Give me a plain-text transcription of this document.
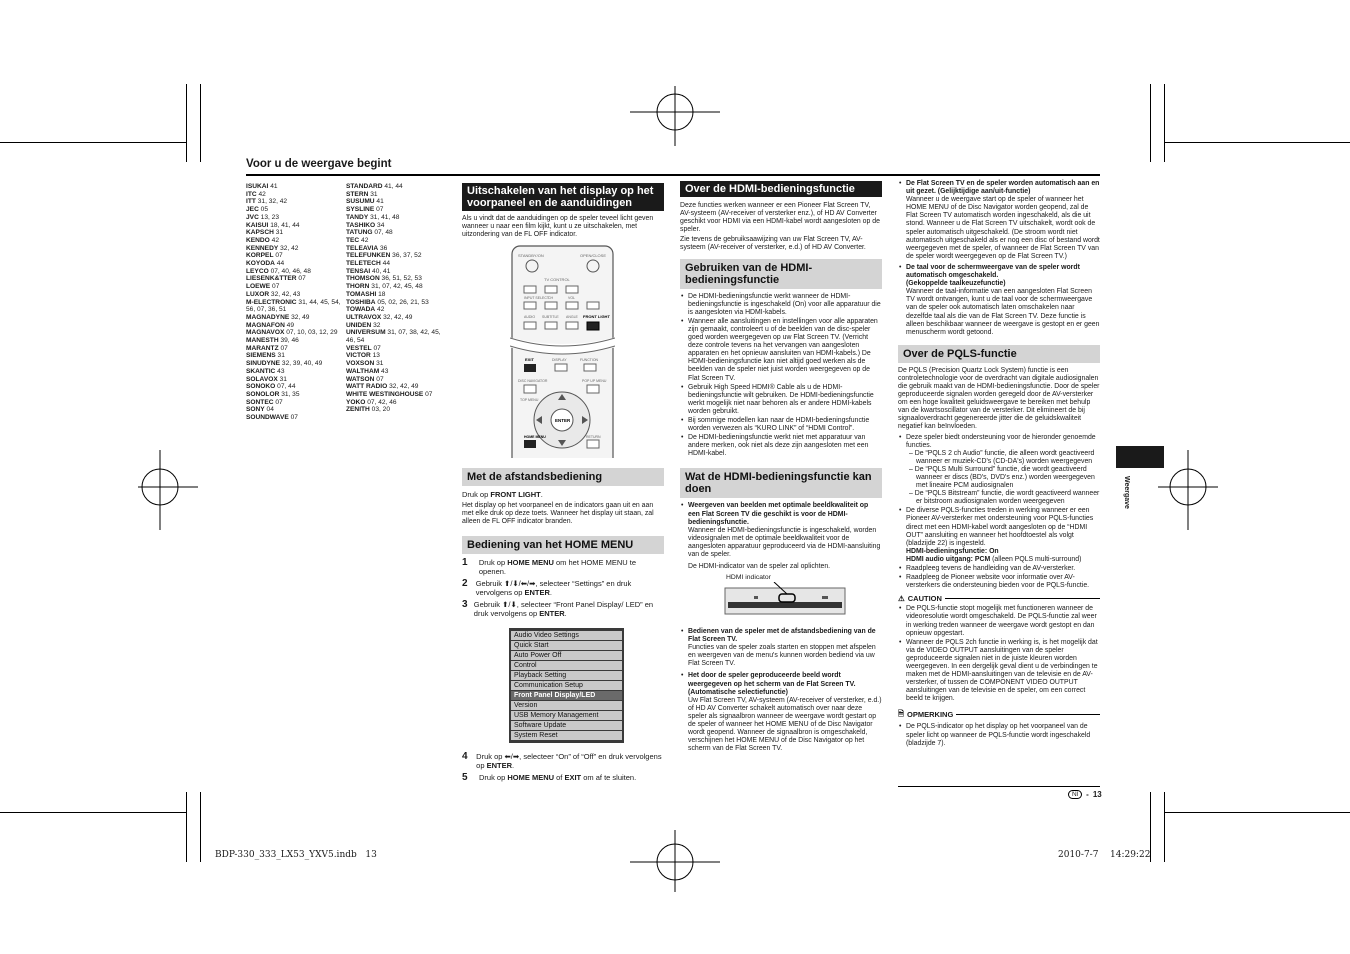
Voor u de weergave begint
ISUKAI 41
ITC 42
ITT 31, 32, 42
JEC 05
JVC 13, 23
KAISUI 18, 41, 44
KAPSCH 31
KENDO 42
KENNEDY 32, 42
KORPEL 07
KOYODA 44
LEYCO 07, 40, 46, 48
LIESENK&TTER 07
LOEWE 07
LUXOR 32, 42, 43
M-ELECTRONIC 31, 44, 45, 54, 56, 07, 36, 51
MAGNADYNE 32, 49
MAGNAFON 49
MAGNAVOX 07, 10, 03, 12, 29
MANESTH 39, 46
MARANTZ 07
SIEMENS 31
SINUDYNE 32, 39, 40, 49
SKANTIC 43
SOLAVOX 31
SONOKO 07, 44
SONOLOR 31, 35
SONTEC 07
SONY 04
SOUNDWAVE 07
STANDARD 41, 44
STERN 31
SUSUMU 41
SYSLINE 07
TANDY 31, 41, 48
TASHIKO 34
TATUNG 07, 48
TEC 42
TELEAVIA 36
TELEFUNKEN 36, 37, 52
TELETECH 44
TENSAI 40, 41
THOMSON 36, 51, 52, 53
THORN 31, 07, 42, 45, 48
TOMASHI 18
TOSHIBA 05, 02, 26, 21, 53
TOWADA 42
ULTRAVOX 32, 42, 49
UNIDEN 32
UNIVERSUM 31, 07, 38, 42, 45, 46, 54
VESTEL 07
VICTOR 13
VOXSON 31
WALTHAM 43
WATSON 07
WATT RADIO 32, 42, 49
WHITE WESTINGHOUSE 07
YOKO 07, 42, 46
ZENITH 03, 20
Uitschakelen van het display op het voorpaneel en de aanduidingen

Als u vindt dat de aanduidingen op de speler teveel licht geven wanneer u naar een film kijkt, kunt u ze uitschakelen, met uitzondering van de FL OFF indicator.

STANDBY/ON	OPEN/CLOSE
TV CONTROL
INPUT SELECT
CH	VOL
AUDIO SUBTITLE ANGLE FRONT LIGHT
EXIT	DISPLAY	FUNCTION
DISC NAVIGATOR	POP UP MENU
TOP MENU
ENTER
HOME MENU	RETURN
Met de afstandsbediening
Druk op FRONT LIGHT.

Het display op het voorpaneel en de indicators gaan uit en aan met elke druk op deze toets. Wanneer het display uit staan, zal alleen de FL OFF indicator branden.

Bediening van het HOME MENU
1	Druk op HOME MENU om het HOME MENU te openen.
2	Gebruik ⬆/⬇/⬅/➡, selecteer “Settings” en druk vervolgens op ENTER.
3 Gebruik ⬆/⬇, selecteer “Front Panel Display/ LED” en druk vervolgens op ENTER.
Audio Video Settings
Quick Start
Auto Power Off
Control
Playback Setting
Communication Setup
Front Panel Display/LED
Version
USB Memory Management
Software Update
System Reset
4	Druk op ⬅/➡, selecteer “On” of “Off” en druk vervolgens op ENTER.
5	Druk op HOME MENU of EXIT om af te sluiten.
Over de HDMI-bedieningsfunctie

Deze functies werken wanneer er een Pioneer Flat Screen TV, AV-systeem (AV-receiver of versterker enz.), of HD AV Converter geschikt voor HDMI via een HDMI-kabel wordt aangesloten op de speler.

Zie tevens de gebruiksaawijzing van uw Flat Screen TV, AV-systeem (AV-receiver of versterker, e.d.) of HD AV Converter.

Gebruiken van de HDMI-bedieningsfunctie
• De HDMI-bedieningsfunctie werkt wanneer de HDMI-bedieningsfunctie is ingeschakeld (On) voor alle apparatuur die is aangesloten via HDMI-kabels.
• Wanneer alle aansluitingen en instellingen voor alle apparaten zijn gemaakt, controleert u of de beelden van de disc-speler goed worden weergegeven op uw Flat Screen TV. (Verricht deze controle tevens na het vervangen van aangesloten apparaten en het opnieuw aansluiten van HDMI-kabels.) De HDMI-bedieningsfunctie kan niet altijd goed werken als de beelden van de speler niet juist worden weergegeven op de Flat Screen TV.
• Gebruik High Speed HDMI® Cable als u de HDMI-bedieningsfunctie wilt gebruiken. De HDMI-bedieningsfunctie werkt mogelijk niet naar behoren als er andere HDMI-kabels worden gebruikt.
• Bij sommige modellen kan naar de HDMI-bedieningsfunctie worden verwezen als “KURO LINK” of “HDMI Control”.
• De HDMI-bedieningsfunctie werkt niet met apparatuur van andere merken, ook niet als deze zijn aangesloten met een HDMI-kabel.
Wat de HDMI-bedieningsfunctie kan doen
• Weergeven van beelden met optimale beeldkwaliteit op een Flat Screen TV die geschikt is voor de HDMI-bedieningsfunctie.
Wanneer de HDMI-bedieningsfunctie is ingeschakeld, worden videosignalen met de optimale beeldkwaliteit voor de aangesloten apparatuur geproduceerd via de HDMI-aansluiting van de speler.
De HDMI-indicator van de speler zal oplichten.
HDMI indicator
• Bedienen van de speler met de afstandsbediening van de Flat Screen TV.
Functies van de speler zoals starten en stoppen met afspelen en weergeven van de menu's kunnen worden bediend via uw Flat Screen TV.
• Het door de speler geproduceerde beeld wordt weergegeven op het scherm van de Flat Screen TV. (Automatische selectiefunctie)
Uw Flat Screen TV, AV-systeem (AV-receiver of versterker, e.d.) of HD AV Converter schakelt automatisch over naar deze speler als signaalbron wanneer de weergave wordt gestart op de speler of wanneer het HOME MENU of de Disc Navigator wordt geopend. Wanneer de signaalbron is omgeschakeld, verschijnen het HOME MENU of de Disc Navigator op het scherm van de Flat Screen TV.
• De Flat Screen TV en de speler worden automatisch aan en uit gezet. (Gelijktijdige aan/uit-functie)
Wanneer u de weergave start op de speler of wanneer het HOME MENU of de Disc Navigator worden geopend, zal de Flat Screen TV automatisch worden ingeschakeld, als die uit stond. Wanneer u de Flat Screen TV uitschakelt, wordt ook de speler automatisch uitgeschakeld. (De stroom wordt niet automatisch uitgeschakeld als er nog een disc of bestand wordt weergegeven met de speler, of wanneer de Flat Screen TV van de speler wordt weergegeven op de Flat Screen TV.)
• De taal voor de schermweergave van de speler wordt automatisch omgeschakeld.
(Gekoppelde taalkeuzefunctie)
Wanneer de taal-informatie van een aangesloten Flat Screen TV wordt ontvangen, kunt u de taal voor de schermweergave van de speler ook automatisch laten omschakelen naar dezelfde taal als die van de Flat Screen TV. Deze functie is alleen beschikbaar wanneer de weergave is gestopt en er geen menuscherm wordt getoond.
Over de PQLS-functie

De PQLS (Precision Quartz Lock System) functie is een controletechnologie voor de overdracht van digitale audiosignalen die gebruik maakt van de HDMI-bedieningsfunctie. Door de speler geproduceerde signalen worden geregeld door de AV-versterker om een hoge kwaliteit geluidsweergave te bereiken met behulp van de kwartsoscillator van de versterker. Dit elimineert de bij signaaloverdracht gegenereerde jitter die de geluidskwaliteit negatief kan beïnvloeden.

• Deze speler biedt ondersteuning voor de hieronder genoemde functies.
– De “PQLS 2 ch Audio” functie, die alleen wordt geactiveerd wanneer er muziek-CD's (CD-DA's) worden weergegeven
– De “PQLS Multi Surround” functie, die wordt geactiveerd wanneer er discs (BD's, DVD's enz.) worden weergegeven met lineaire PCM audiosignalen
– De “PQLS Bitstream” functie, die wordt geactiveerd wanneer er bitstroom audiosignalen worden weergegeven
• De diverse PQLS-functies treden in werking wanneer er een Pioneer AV-versterker met ondersteuning voor PQLS-functies direct met een HDMI-kabel wordt aangesloten op de “HDMI OUT” aansluiting en wanneer het hoofdtoestel als volgt (bladzijde 22) is ingesteld.
HDMI-bedieningsfunctie: On
HDMI audio uitgang: PCM (alleen PQLS multi-surround)
• Raadpleeg tevens de handleiding van de AV-versterker.
• Raadpleeg de Pioneer website voor informatie over AV-versterkers die ondersteuning bieden voor de PQLS-functie.
⚠ CAUTION
• De PQLS-functie stopt mogelijk met functioneren wanneer de videoresolutie wordt omgeschakeld. De PQLS-functie zal weer in werking treden wanneer de weergave wordt gestopt en dan opnieuw opgestart.
• Wanneer de PQLS 2ch functie in werking is, is het mogelijk dat via de VIDEO OUTPUT aansluitingen van de speler geproduceerde signalen niet in de juiste kleuren worden weergegeven. In een dergelijk geval dient u de verbindingen te maken met de HDMI-aansluitingen van de televisie en de AV-versterker, of tussen de COMPONENT VIDEO OUTPUT aansluitingen van de televisie en de speler, om een correct beeld te krijgen.
🗎 OPMERKING
• De PQLS-indicator op het display op het voorpaneel van de speler licht op wanneer de PQLS-functie wordt ingeschakeld (bladzijde 7).
Weergave
Nl	- 13
BDP-330_333_LX53_YXV5.indb   13	2010-7-7 14:29:22
